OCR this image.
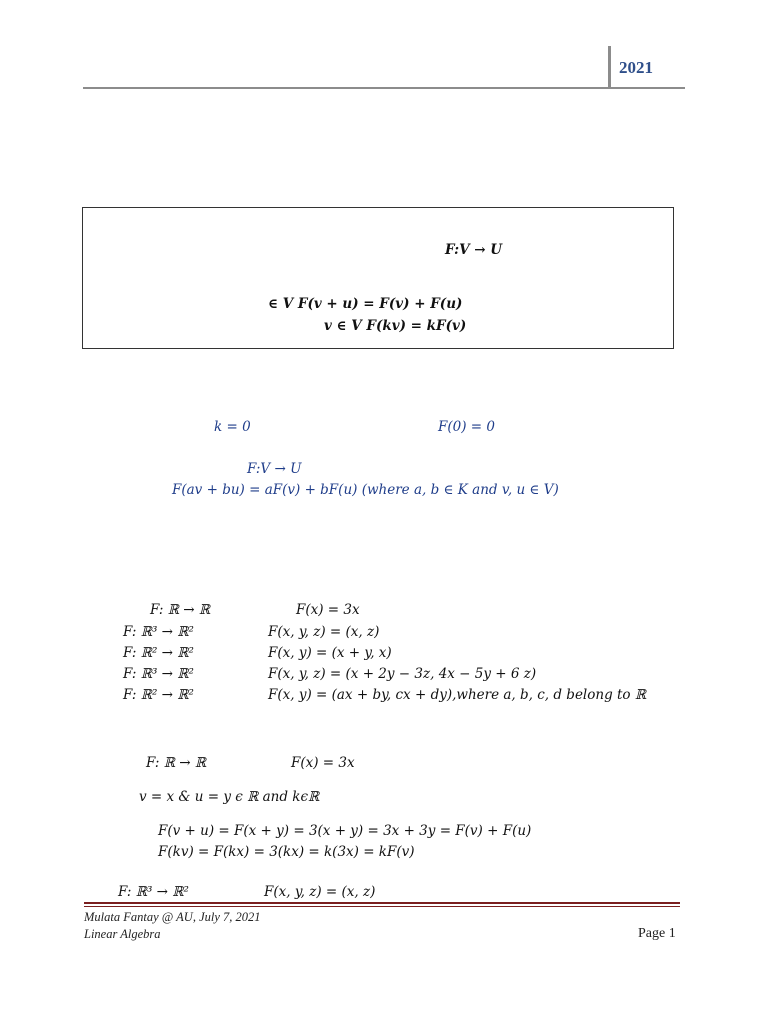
2021
F:V → U
∈ V F(v + u) = F(v) + F(u)
v ∈ V F(kv) = kF(v)
k = 0	F(0) = 0
F:V → U
F(av + bu) = aF(v) + bF(u) (where a, b ∈ K and v, u ∈ V)
F: ℝ → ℝ	F(x) = 3x
F: ℝ³ → ℝ²	F(x, y, z) = (x, z)
F: ℝ² → ℝ²	F(x, y) = (x + y, x)
F: ℝ³ → ℝ²	F(x, y, z) = (x + 2y − 3z, 4x − 5y + 6 z)
F: ℝ² → ℝ²	F(x, y) = (ax + by, cx + dy),where a, b, c, d belong to ℝ
F: ℝ → ℝ	F(x) = 3x
v = x & u = y ϵ ℝ and kϵℝ
F(v + u) = F(x + y) = 3(x + y) = 3x + 3y = F(v) + F(u)
F(kv) = F(kx) = 3(kx) = k(3x) = kF(v)
F: ℝ³ → ℝ²	F(x, y, z) = (x, z)
Mulata Fantay @ AU, July 7, 2021
Linear Algebra	Page 1
